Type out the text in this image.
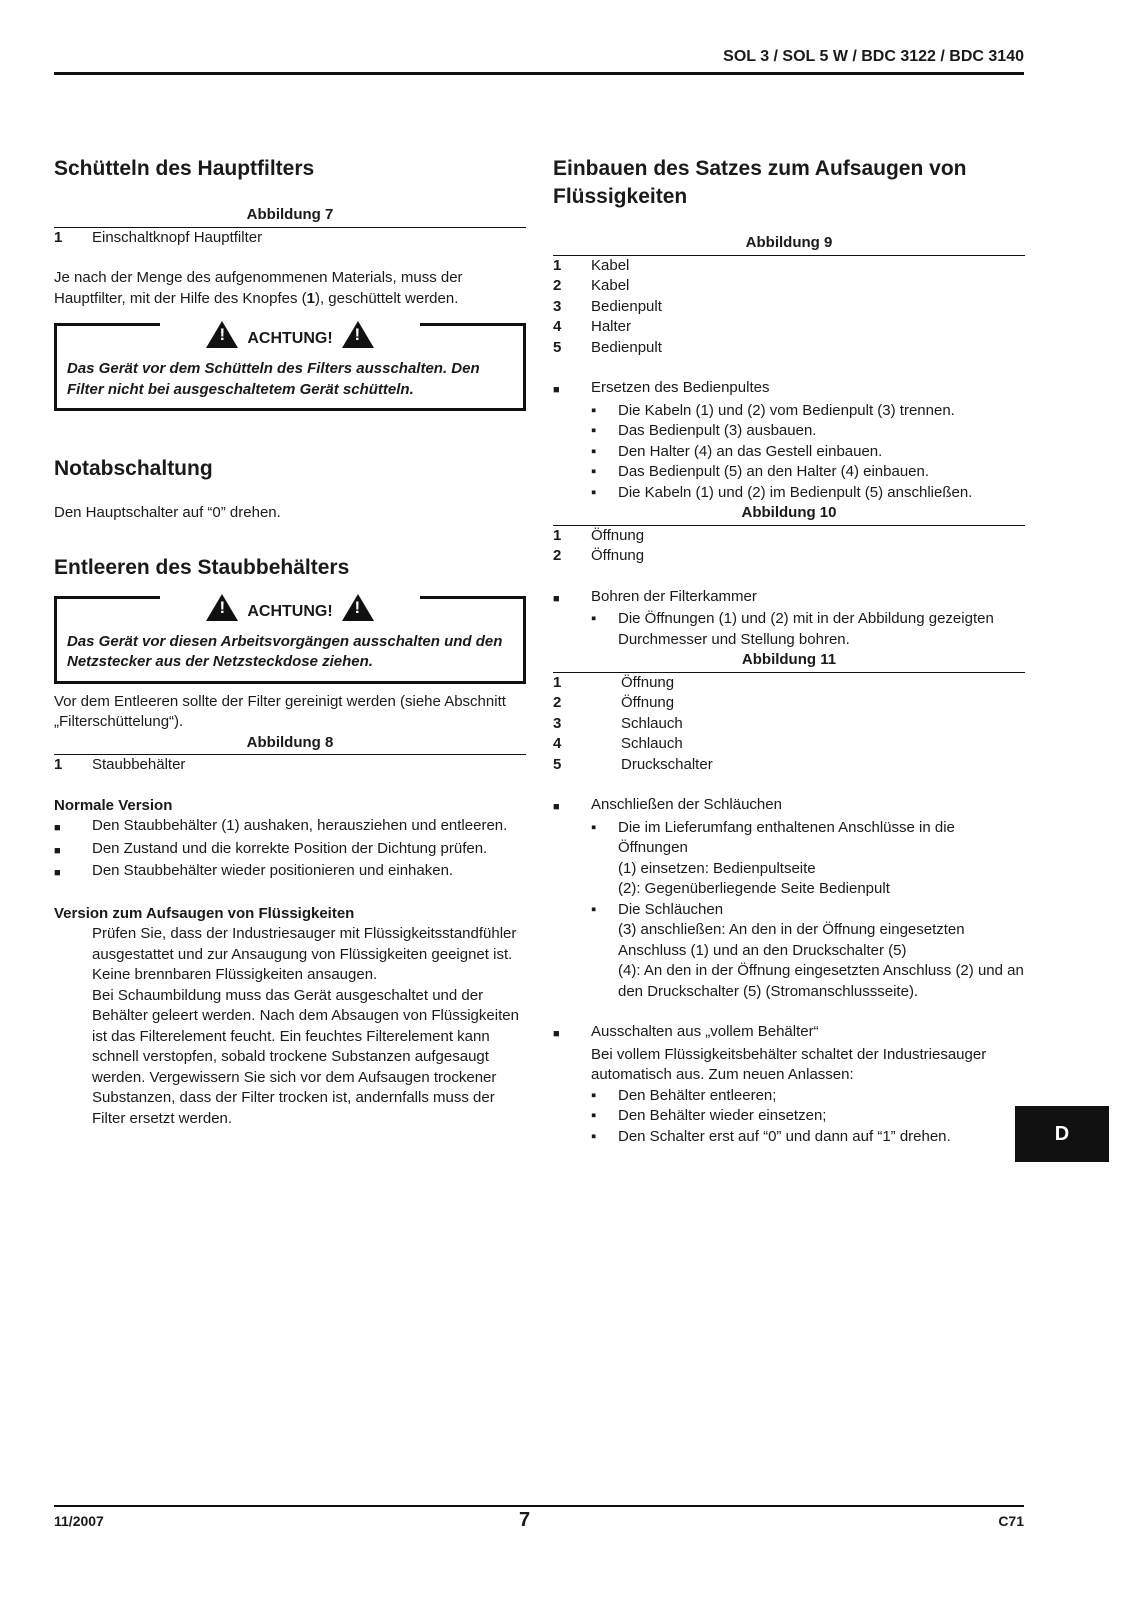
SOL 3 / SOL 5 W / BDC 3122 / BDC 3140
Schütteln des Hauptfilters
Abbildung 7
1	Einschaltknopf Hauptfilter

Je nach der Menge des aufgenommenen Materials, muss der Hauptfilter, mit der Hilfe des Knopfes (1), geschüttelt werden.

!  ACHTUNG!  !
Das Gerät vor dem Schütteln des Filters ausschalten. Den Filter nicht bei ausgeschaltetem Gerät schütteln.
Notabschaltung

Den Hauptschalter auf “0” drehen.

Entleeren des Staubbehälters
!  ACHTUNG!  !
Das Gerät vor diesen Arbeitsvorgängen ausschalten und den Netzstecker aus der Netzsteckdose ziehen.

Vor dem Entleeren sollte der Filter gereinigt werden (siehe Abschnitt „Filterschüttelung“).

Abbildung 8
1	Staubbehälter

Normale Version

■	Den Staubbehälter (1) aushaken, herausziehen und entleeren.
■	Den Zustand und die korrekte Position der Dichtung prüfen.
■	Den Staubbehälter wieder positionieren und einhaken.

Version zum Aufsaugen von Flüssigkeiten

Prüfen Sie, dass der Industriesauger mit Flüssigkeitsstandfühler ausgestattet und zur Ansaugung von Flüssigkeiten geeignet ist.

Keine brennbaren Flüssigkeiten ansaugen.

Bei Schaumbildung muss das Gerät ausgeschaltet und der Behälter geleert werden. Nach dem Absaugen von Flüssigkeiten ist das Filterelement feucht. Ein feuchtes Filterelement kann schnell verstopfen, sobald trockene Substanzen aufgesaugt werden. Vergewissern Sie sich vor dem Aufsaugen trockener Substanzen, dass der Filter trocken ist, andernfalls muss der Filter ersetzt werden.

Einbauen des Satzes zum Aufsaugen von Flüssigkeiten
Abbildung 9
1	Kabel
2	Kabel
3	Bedienpult
4	Halter
5	Bedienpult
■	Ersetzen des Bedienpultes
▪	Die Kabeln (1) und (2) vom Bedienpult (3) trennen.
▪	Das Bedienpult (3) ausbauen.
▪	Den Halter (4) an das Gestell einbauen.
▪	Das Bedienpult (5) an den Halter (4) einbauen.
▪	Die Kabeln (1) und (2) im Bedienpult (5) anschließen.
Abbildung 10
1	Öffnung
2	Öffnung
■	Bohren der Filterkammer
▪	Die Öffnungen (1) und (2) mit in der Abbildung gezeigten Durchmesser und Stellung bohren.
Abbildung 11
1	Öffnung
2	Öffnung
3	Schlauch
4	Schlauch
5	Druckschalter
■	Anschließen der Schläuchen
▪	Die im Lieferumfang enthaltenen Anschlüsse in die Öffnungen
(1) einsetzen: Bedienpultseite
(2): Gegenüberliegende Seite Bedienpult
▪	Die Schläuchen
(3) anschließen: An den in der Öffnung eingesetzten Anschluss (1) und an den Druckschalter (5)
(4): An den in der Öffnung eingesetzten Anschluss (2) und an den Druckschalter (5) (Stromanschlussseite).
■	Ausschalten aus „vollem Behälter“
Bei vollem Flüssigkeitsbehälter schaltet der Industriesauger automatisch aus. Zum neuen Anlassen:
▪	Den Behälter entleeren;
▪	Den Behälter wieder einsetzen;
▪	Den Schalter erst auf “0” und dann auf “1” drehen.	D
11/2007	7	C71
